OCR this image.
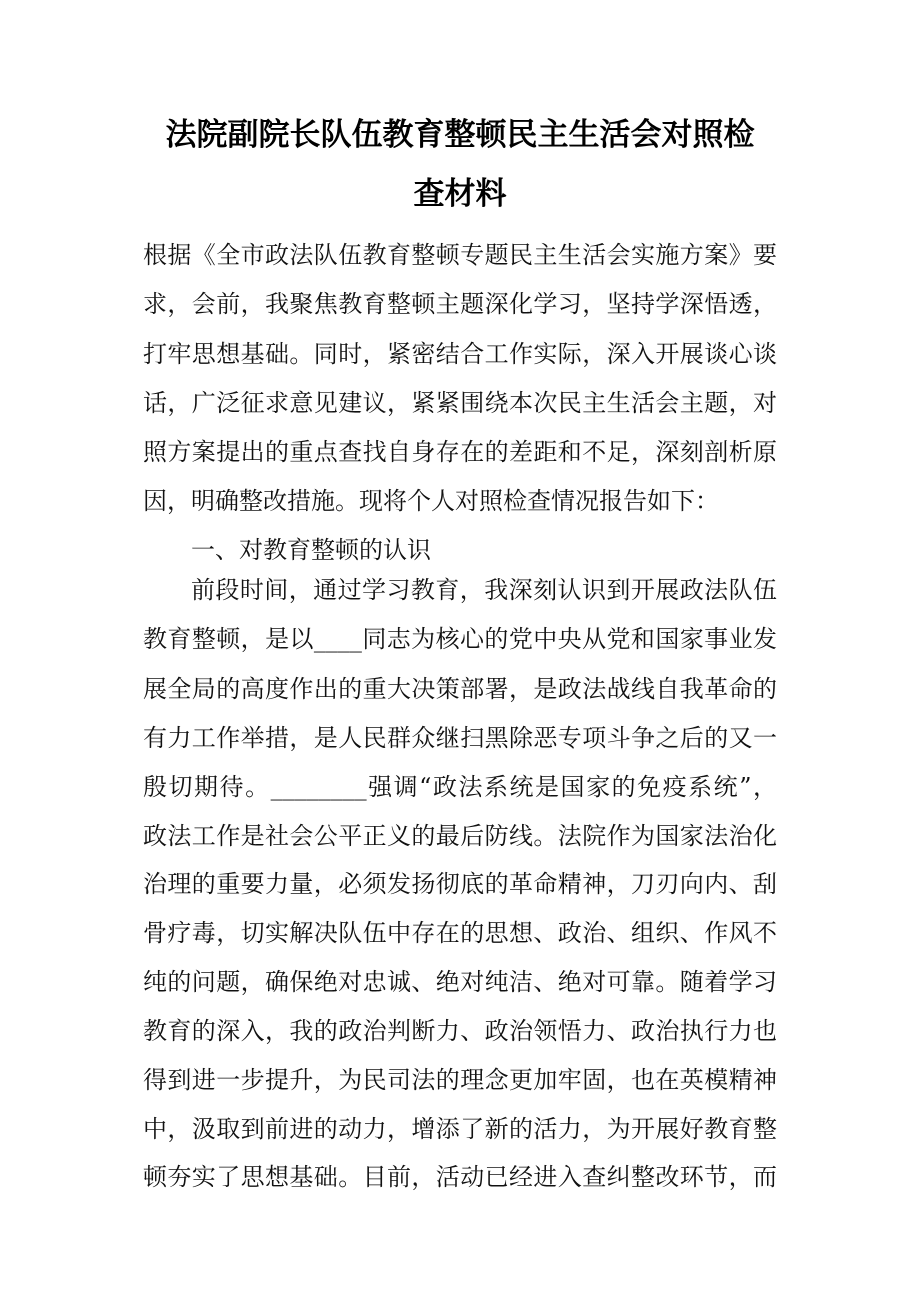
法院副院长队伍教育整顿民主生活会对照检
查材料
根据《全市政法队伍教育整顿专题民主生活会实施方案》要
求，会前，我聚焦教育整顿主题深化学习，坚持学深悟透，
打牢思想基础。同时，紧密结合工作实际，深入开展谈心谈
话，广泛征求意见建议，紧紧围绕本次民主生活会主题，对
照方案提出的重点查找自身存在的差距和不足，深刻剖析原
因，明确整改措施。现将个人对照检查情况报告如下：
一、对教育整顿的认识
前段时间，通过学习教育，我深刻认识到开展政法队伍
教育整顿，是以____同志为核心的党中央从党和国家事业发
展全局的高度作出的重大决策部署，是政法战线自我革命的
有力工作举措，是人民群众继扫黑除恶专项斗争之后的又一
殷切期待。________强调“政法系统是国家的免疫系统”，
政法工作是社会公平正义的最后防线。法院作为国家法治化
治理的重要力量，必须发扬彻底的革命精神，刀刃向内、刮
骨疗毒，切实解决队伍中存在的思想、政治、组织、作风不
纯的问题，确保绝对忠诚、绝对纯洁、绝对可靠。随着学习
教育的深入，我的政治判断力、政治领悟力、政治执行力也
得到进一步提升，为民司法的理念更加牢固，也在英模精神
中，汲取到前进的动力，增添了新的活力，为开展好教育整
顿夯实了思想基础。目前，活动已经进入查纠整改环节，而
